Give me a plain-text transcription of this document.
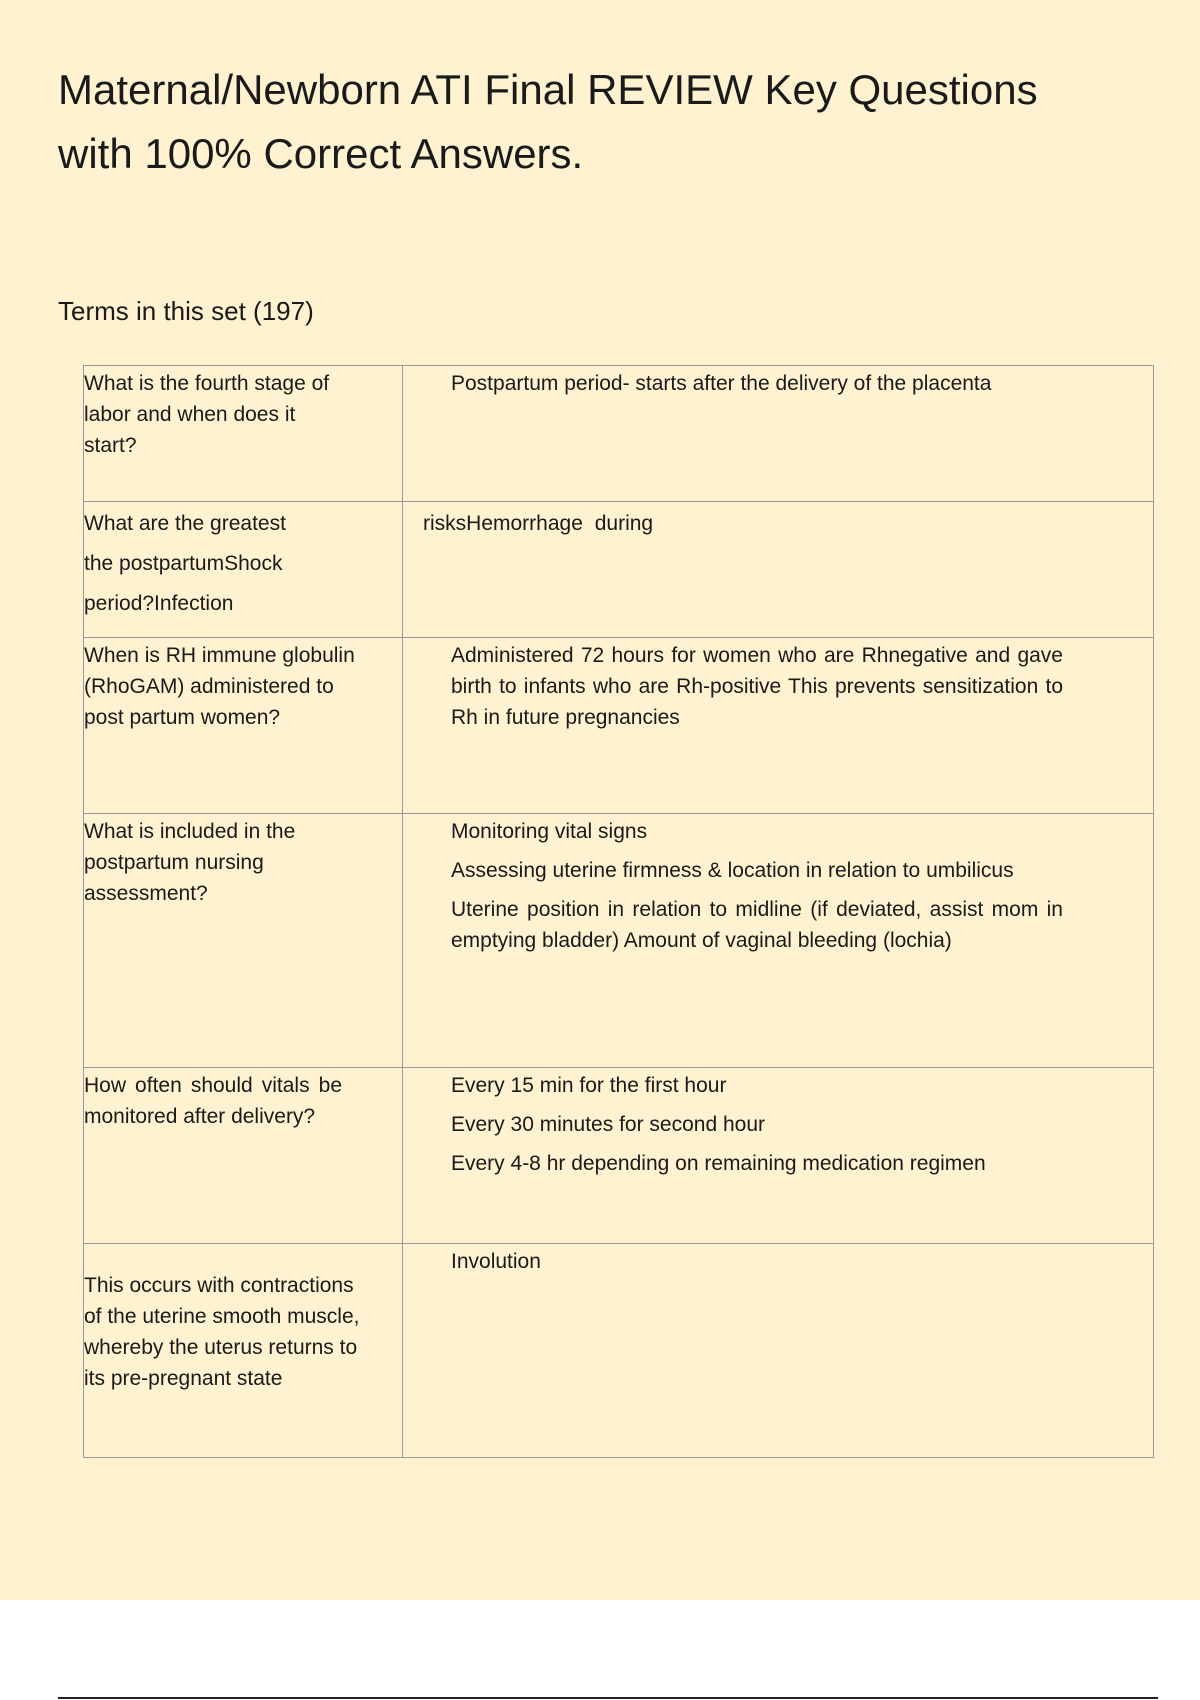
Maternal/Newborn ATI Final REVIEW Key Questions
with 100% Correct Answers.
Terms in this set (197)
What is the fourth stage of labor and when does it start?	Postpartum period- starts after the delivery of the placenta

What are the greatest
the postpartumShock
period?Infection	risksHemorrhage during

When is RH immune globulin (RhoGAM) administered to post partum women?	Administered 72 hours for women who are Rhnegative and gave birth to infants who are Rh-positive This prevents sensitization to Rh in future pregnancies

What is included in the postpartum nursing assessment?	Monitoring vital signs
Assessing uterine firmness & location in relation to umbilicus
Uterine position in relation to midline (if deviated, assist mom in emptying bladder) Amount of vaginal bleeding (lochia)

How often should vitals be monitored after delivery?	Every 15 min for the first hour
Every 30 minutes for second hour
Every 4-8 hr depending on remaining medication regimen

This occurs with contractions of the uterine smooth muscle, whereby the uterus returns to its pre-pregnant state	Involution
